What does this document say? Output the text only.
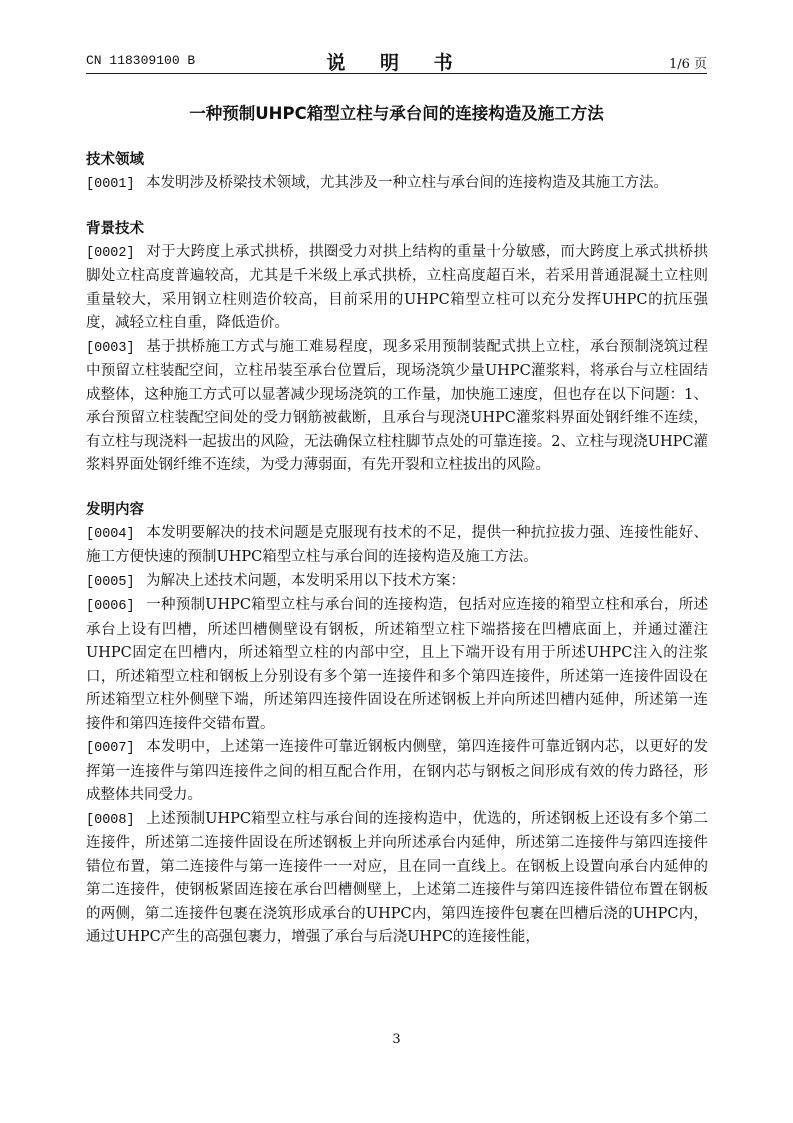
CN 118309100 B	说 明 书	1/6 页
一种预制UHPC箱型立柱与承台间的连接构造及施工方法
技术领域

[0001] 本发明涉及桥梁技术领域，尤其涉及一种立柱与承台间的连接构造及其施工方法。

背景技术

[0002] 对于大跨度上承式拱桥，拱圈受力对拱上结构的重量十分敏感，而大跨度上承式拱桥拱脚处立柱高度普遍较高，尤其是千米级上承式拱桥，立柱高度超百米，若采用普通混凝土立柱则重量较大，采用钢立柱则造价较高，目前采用的UHPC箱型立柱可以充分发挥UHPC的抗压强度，减轻立柱自重，降低造价。

[0003] 基于拱桥施工方式与施工难易程度，现多采用预制装配式拱上立柱，承台预制浇筑过程中预留立柱装配空间，立柱吊装至承台位置后，现场浇筑少量UHPC灌浆料，将承台与立柱固结成整体，这种施工方式可以显著减少现场浇筑的工作量，加快施工速度，但也存在以下问题：1、承台预留立柱装配空间处的受力钢筋被截断，且承台与现浇UHPC灌浆料界面处钢纤维不连续，有立柱与现浇料一起拔出的风险，无法确保立柱柱脚节点处的可靠连接。2、立柱与现浇UHPC灌浆料界面处钢纤维不连续，为受力薄弱面，有先开裂和立柱拔出的风险。

发明内容

[0004] 本发明要解决的技术问题是克服现有技术的不足，提供一种抗拉拔力强、连接性能好、施工方便快速的预制UHPC箱型立柱与承台间的连接构造及施工方法。

[0005] 为解决上述技术问题，本发明采用以下技术方案：

[0006] 一种预制UHPC箱型立柱与承台间的连接构造，包括对应连接的箱型立柱和承台，所述承台上设有凹槽，所述凹槽侧壁设有钢板，所述箱型立柱下端搭接在凹槽底面上，并通过灌注UHPC固定在凹槽内，所述箱型立柱的内部中空，且上下端开设有用于所述UHPC注入的注浆口，所述箱型立柱和钢板上分别设有多个第一连接件和多个第四连接件，所述第一连接件固设在所述箱型立柱外侧壁下端，所述第四连接件固设在所述钢板上并向所述凹槽内延伸，所述第一连接件和第四连接件交错布置。

[0007] 本发明中，上述第一连接件可靠近钢板内侧壁，第四连接件可靠近钢内芯，以更好的发挥第一连接件与第四连接件之间的相互配合作用，在钢内芯与钢板之间形成有效的传力路径，形成整体共同受力。

[0008] 上述预制UHPC箱型立柱与承台间的连接构造中，优选的，所述钢板上还设有多个第二连接件，所述第二连接件固设在所述钢板上并向所述承台内延伸，所述第二连接件与第四连接件错位布置，第二连接件与第一连接件一一对应，且在同一直线上。在钢板上设置向承台内延伸的第二连接件，使钢板紧固连接在承台凹槽侧壁上，上述第二连接件与第四连接件错位布置在钢板的两侧，第二连接件包裹在浇筑形成承台的UHPC内，第四连接件包裹在凹槽后浇的UHPC内，通过UHPC产生的高强包裹力，增强了承台与后浇UHPC的连接性能，

3
